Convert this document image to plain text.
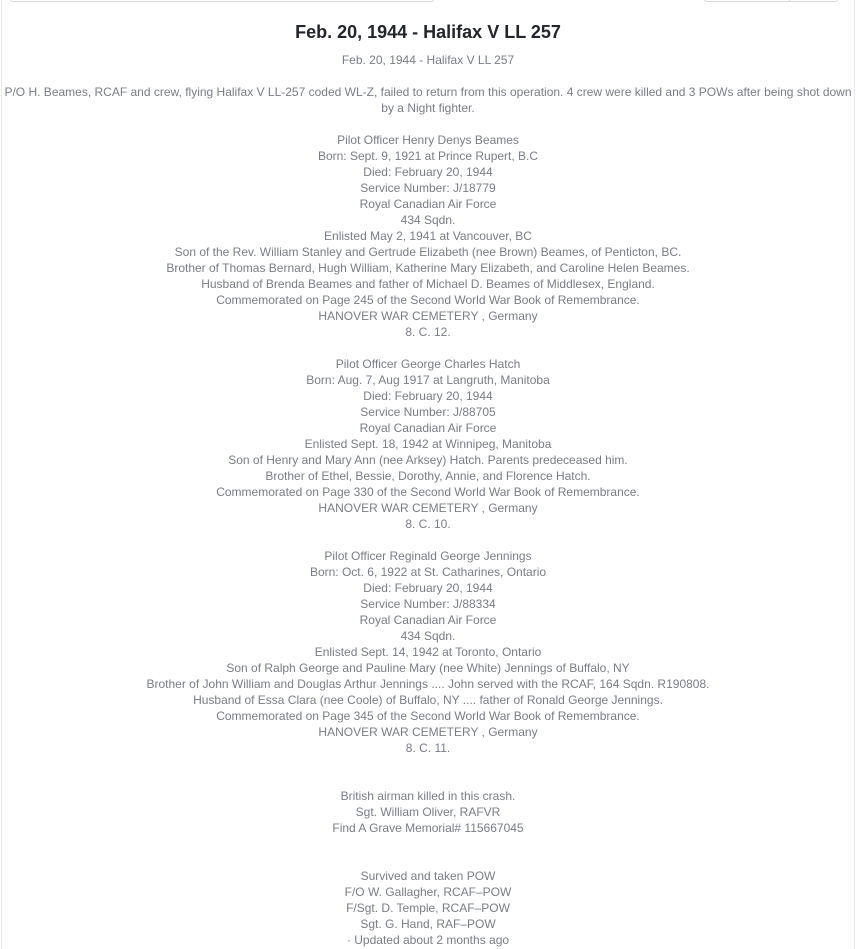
Feb. 20, 1944 - Halifax V LL 257
Feb. 20, 1944 - Halifax V LL 257
P/O H. Beames, RCAF and crew, flying Halifax V LL-257 coded WL-Z, failed to return from this operation. 4 crew were killed and 3 POWs after being shot down by a Night fighter.
Pilot Officer Henry Denys Beames
Born: Sept. 9, 1921 at Prince Rupert, B.C
Died: February 20, 1944
Service Number: J/18779
Royal Canadian Air Force
434 Sqdn.
Enlisted May 2, 1941 at Vancouver, BC
Son of the Rev. William Stanley and Gertrude Elizabeth (nee Brown) Beames, of Penticton, BC.
Brother of Thomas Bernard, Hugh William, Katherine Mary Elizabeth, and Caroline Helen Beames.
Husband of Brenda Beames and father of Michael D. Beames of Middlesex, England.
Commemorated on Page 245 of the Second World War Book of Remembrance.
HANOVER WAR CEMETERY , Germany
8. C. 12.
Pilot Officer George Charles Hatch
Born: Aug. 7, Aug 1917 at Langruth, Manitoba
Died: February 20, 1944
Service Number: J/88705
Royal Canadian Air Force
Enlisted Sept. 18, 1942 at Winnipeg, Manitoba
Son of Henry and Mary Ann (nee Arksey) Hatch. Parents predeceased him.
Brother of Ethel, Bessie, Dorothy, Annie, and Florence Hatch.
Commemorated on Page 330 of the Second World War Book of Remembrance.
HANOVER WAR CEMETERY , Germany
8. C. 10.
Pilot Officer Reginald George Jennings
Born: Oct. 6, 1922 at St. Catharines, Ontario
Died: February 20, 1944
Service Number: J/88334
Royal Canadian Air Force
434 Sqdn.
Enlisted Sept. 14, 1942 at Toronto, Ontario
Son of Ralph George and Pauline Mary (nee White) Jennings of Buffalo, NY
Brother of John William and Douglas Arthur Jennings .... John served with the RCAF, 164 Sqdn. R190808.
Husband of Essa Clara (nee Coole) of Buffalo, NY .... father of Ronald George Jennings.
Commemorated on Page 345 of the Second World War Book of Remembrance.
HANOVER WAR CEMETERY , Germany
8. C. 11.
British airman killed in this crash.
Sgt. William Oliver, RAFVR
Find A Grave Memorial# 115667045
Survived and taken POW
F/O W. Gallagher, RCAF–POW
F/Sgt. D. Temple, RCAF–POW
Sgt. G. Hand, RAF–POW
· Updated about 2 months ago
